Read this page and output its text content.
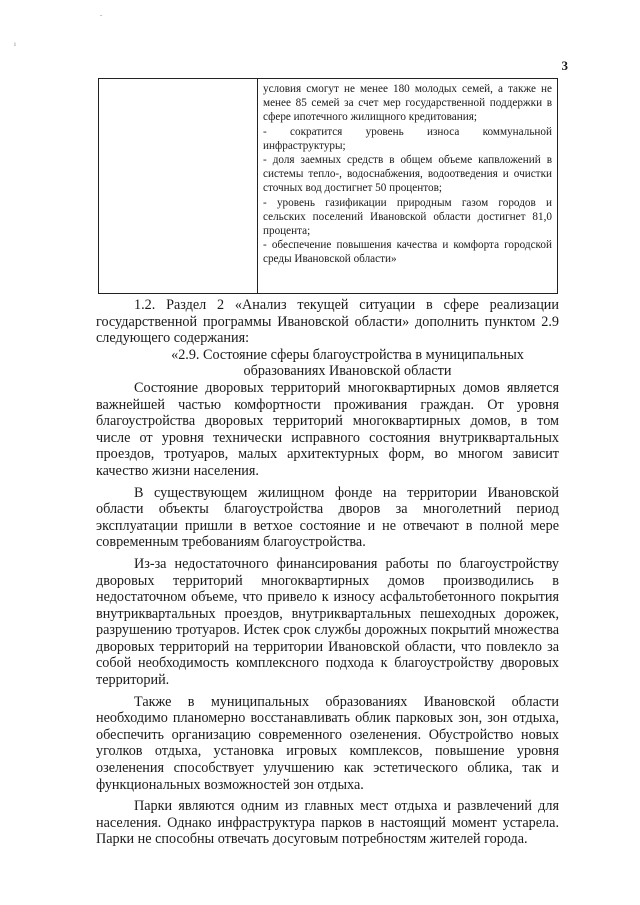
3
ˇ
ı
условия смогут не менее 180 молодых семей, а также не менее 85 семей за счет мер государственной поддержки в сфере ипотечного жилищного кредитования;
- сократится уровень износа коммунальной инфраструктуры;
- доля заемных средств в общем объеме капвложений в системы тепло-, водоснабжения, водоотведения и очистки сточных вод достигнет 50 процентов;
- уровень газификации природным газом городов и сельских поселений Ивановской области достигнет 81,0 процента;
- обеспечение повышения качества и комфорта городской среды Ивановской области»

1.2. Раздел 2 «Анализ текущей ситуации в сфере реализации государственной программы Ивановской области» дополнить пунктом 2.9 следующего содержания:

«2.9. Состояние сферы благоустройства в муниципальных образованиях Ивановской области

Состояние дворовых территорий многоквартирных домов является важнейшей частью комфортности проживания граждан. От уровня благоустройства дворовых территорий многоквартирных домов, в том числе от уровня технически исправного состояния внутриквартальных проездов, тротуаров, малых архитектурных форм, во многом зависит качество жизни населения.

В существующем жилищном фонде на территории Ивановской области объекты благоустройства дворов за многолетний период эксплуатации пришли в ветхое состояние и не отвечают в полной мере современным требованиям благоустройства.

Из-за недостаточного финансирования работы по благоустройству дворовых территорий многоквартирных домов производились в недостаточном объеме, что привело к износу асфальтобетонного покрытия внутриквартальных проездов, внутриквартальных пешеходных дорожек, разрушению тротуаров. Истек срок службы дорожных покрытий множества дворовых территорий на территории Ивановской области, что повлекло за собой необходимость комплексного подхода к благоустройству дворовых территорий.

Также в муниципальных образованиях Ивановской области необходимо планомерно восстанавливать облик парковых зон, зон отдыха, обеспечить организацию современного озеленения. Обустройство новых уголков отдыха, установка игровых комплексов, повышение уровня озеленения способствует улучшению как эстетического облика, так и функциональных возможностей зон отдыха.

Парки являются одним из главных мест отдыха и развлечений для населения. Однако инфраструктура парков в настоящий момент устарела. Парки не способны отвечать досуговым потребностям жителей города.
